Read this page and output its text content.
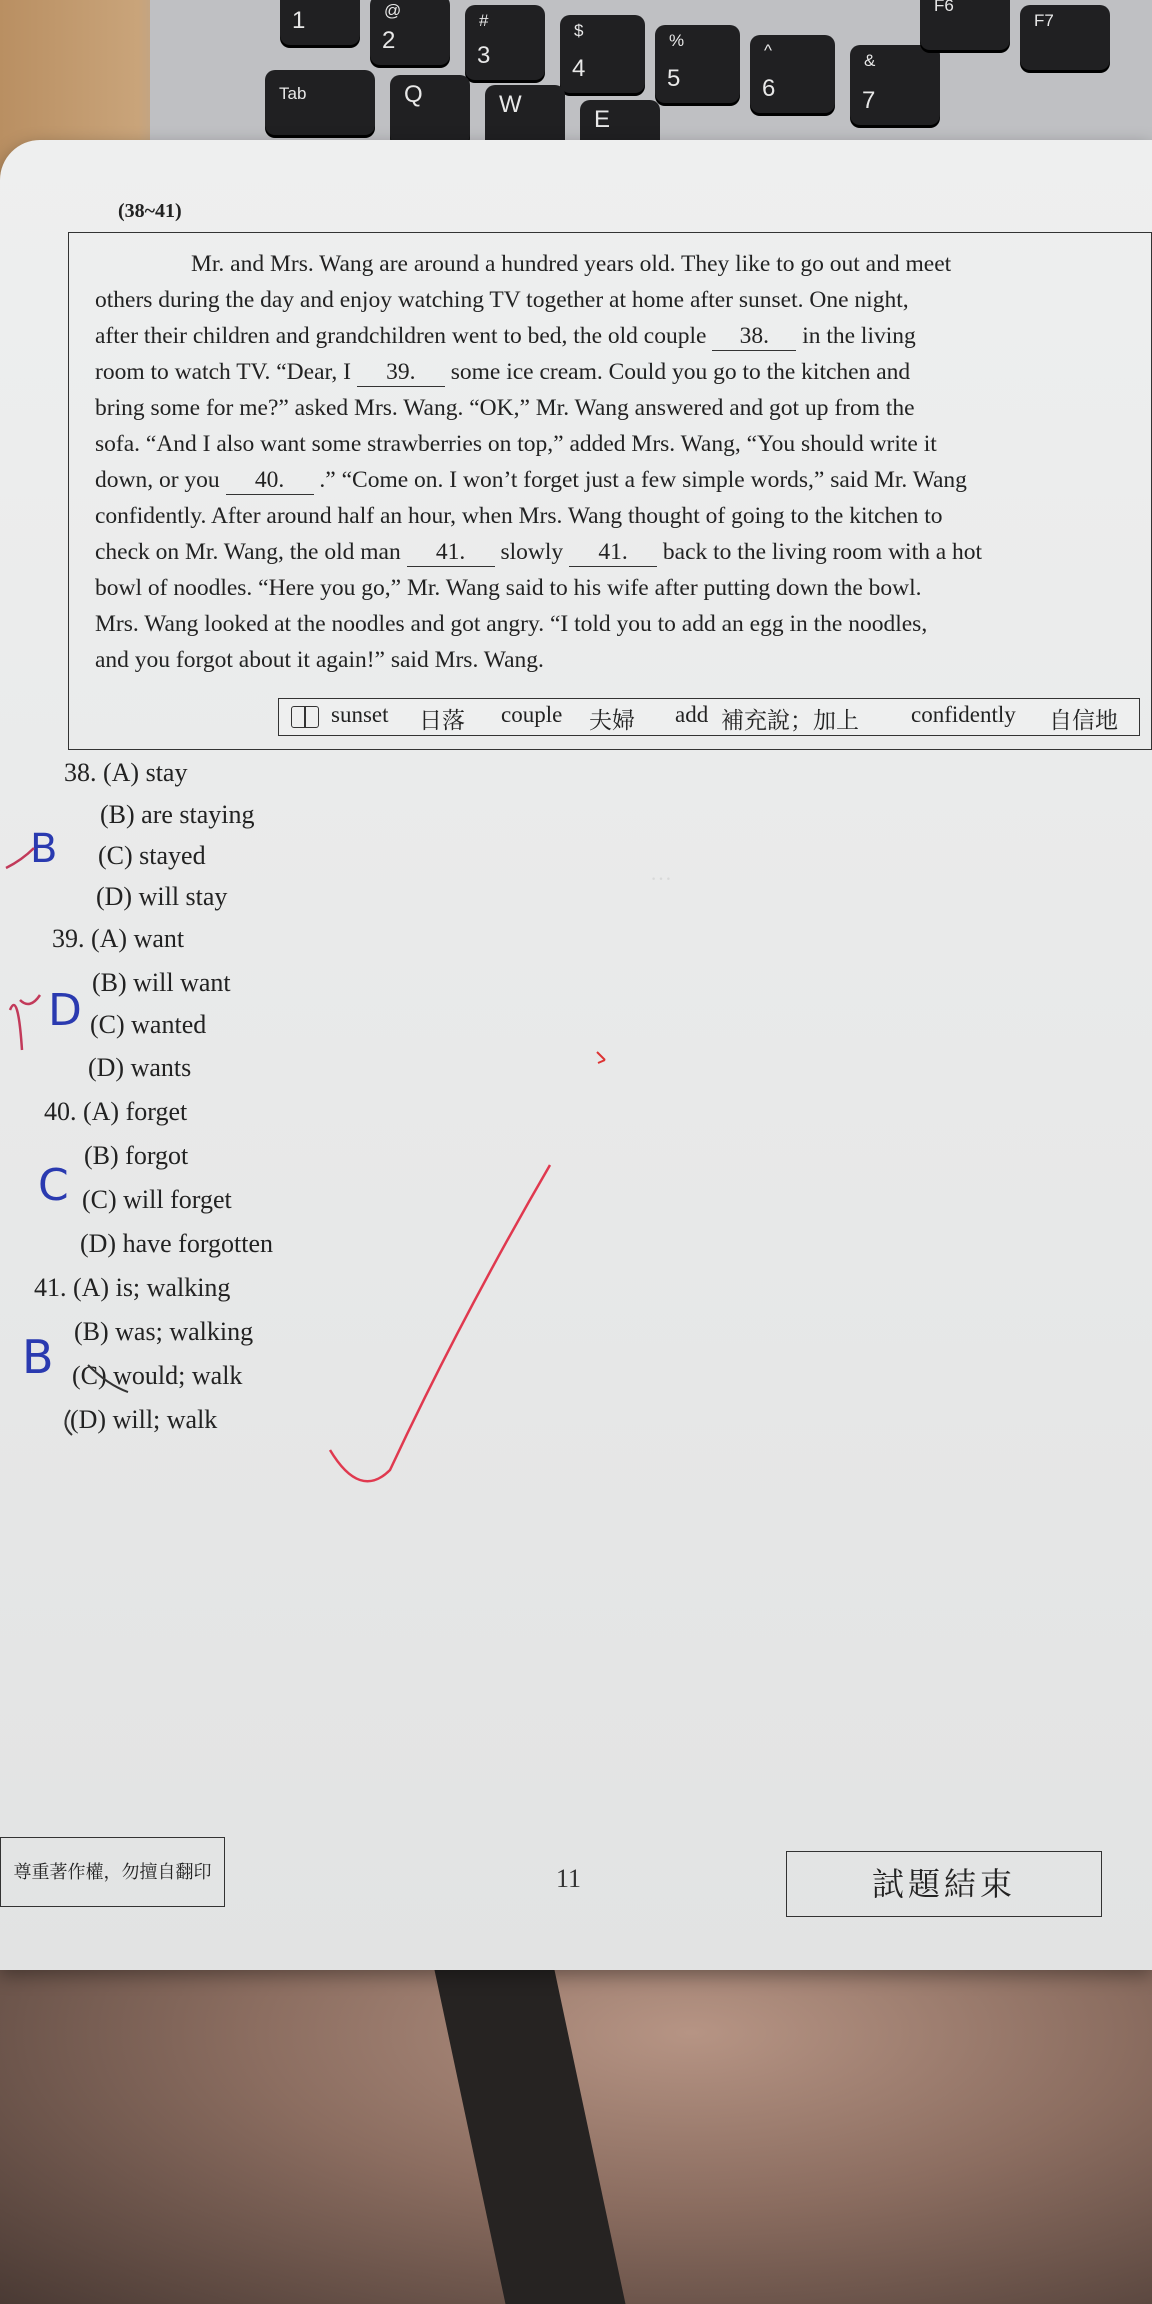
1	@
2
#
3
$
4
%
5
^
6
&
7
F6
F7
Tab	Q	W
E
…
(38~41)
Mr. and Mrs. Wang are around a hundred years old. They like to go out and meet
others during the day and enjoy watching TV together at home after sunset. One night,
after their children and grandchildren went to bed, the old couple 38. in the living
room to watch TV. “Dear, I 39. some ice cream. Could you go to the kitchen and
bring some for me?” asked Mrs. Wang. “OK,” Mr. Wang answered and got up from the
sofa. “And I also want some strawberries on top,” added Mrs. Wang, “You should write it
down, or you 40. .” “Come on. I won’t forget just a few simple words,” said Mr. Wang
confidently. After around half an hour, when Mrs. Wang thought of going to the kitchen to
check on Mr. Wang, the old man 41. slowly 41. back to the living room with a hot
bowl of noodles. “Here you go,” Mr. Wang said to his wife after putting down the bowl.
Mrs. Wang looked at the noodles and got angry. “I told you to add an egg in the noodles,
and you forgot about it again!” said Mrs. Wang.
sunset 日落 couple 夫婦 add 補充說；加上 confidently 自信地
38. (A) stay
(B) are staying
(C) stayed
(D) will stay
39. (A) want
(B) will want
(C) wanted
(D) wants
40. (A) forget
(B) forgot
(C) will forget
(D) have forgotten
41. (A) is; walking
(B) was; walking
(C) would; walk
(D) will; walk
B
D
C
B
尊重著作權，勿擅自翻印	11	試題結束
